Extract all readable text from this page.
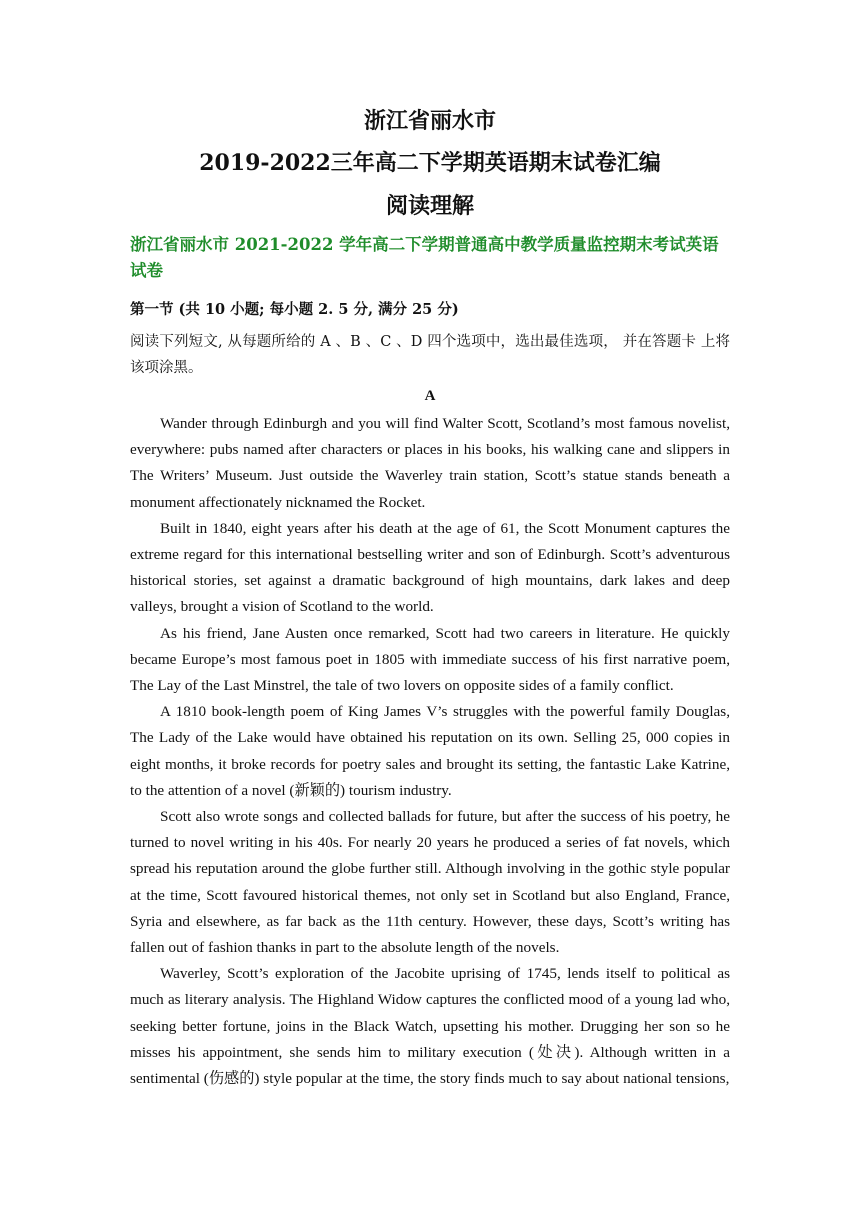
浙江省丽水市
2019-2022三年高二下学期英语期末试卷汇编
阅读理解
浙江省丽水市 2021-2022 学年高二下学期普通高中教学质量监控期末考试英语试卷
第一节 (共 10 小题; 每小题 2. 5 分, 满分 25 分)
阅读下列短文, 从每题所给的 A 、B 、C 、D 四个选项中，选出最佳选项， 并在答题卡 上将该项涂黑。
A

Wander through Edinburgh and you will find Walter Scott, Scotland’s most famous novelist, everywhere: pubs named after characters or places in his books, his walking cane and slippers in The Writers’ Museum. Just outside the Waverley train station, Scott’s statue stands beneath a monument affectionately nicknamed the Rocket.

Built in 1840, eight years after his death at the age of 61, the Scott Monument captures the extreme regard for this international bestselling writer and son of Edinburgh. Scott’s adventurous historical stories, set against a dramatic background of high mountains, dark lakes and deep valleys, brought a vision of Scotland to the world.

As his friend, Jane Austen once remarked, Scott had two careers in literature. He quickly became Europe’s most famous poet in 1805 with immediate success of his first narrative poem, The Lay of the Last Minstrel, the tale of two lovers on opposite sides of a family conflict.

A 1810 book-length poem of King James V’s struggles with the powerful family Douglas, The Lady of the Lake would have obtained his reputation on its own. Selling 25, 000 copies in eight months, it broke records for poetry sales and brought its setting, the fantastic Lake Katrine, to the attention of a novel (新颖的) tourism industry.

Scott also wrote songs and collected ballads for future, but after the success of his poetry, he turned to novel writing in his 40s. For nearly 20 years he produced a series of fat novels, which spread his reputation around the globe further still. Although involving in the gothic style popular at the time, Scott favoured historical themes, not only set in Scotland but also England, France, Syria and elsewhere, as far back as the 11th century. However, these days, Scott’s writing has fallen out of fashion thanks in part to the absolute length of the novels.

Waverley, Scott’s exploration of the Jacobite uprising of 1745, lends itself to political as much as literary analysis. The Highland Widow captures the conflicted mood of a young lad who, seeking better fortune, joins in the Black Watch, upsetting his mother. Drugging her son so he misses his appointment, she sends him to military execution (处决). Although written in a sentimental (伤感的) style popular at the time, the story finds much to say about national tensions,
